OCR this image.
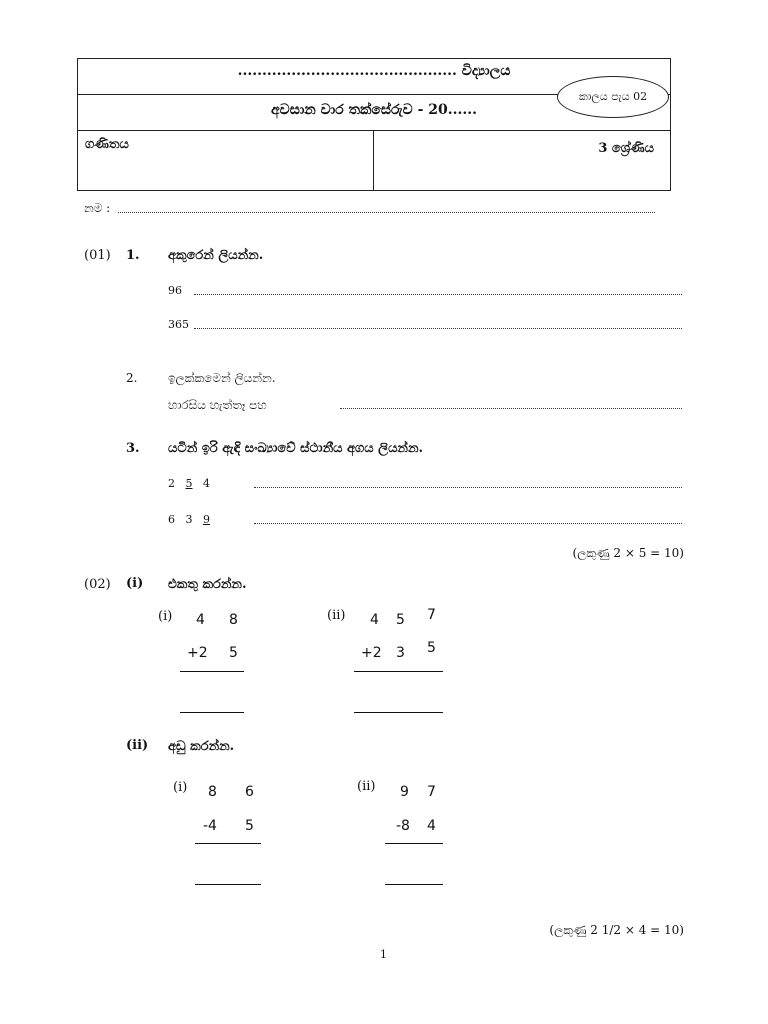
............................................. විද්‍යාලය
අවසාන වාර තක්සේරුව - 20......
ගණිතය	3 ශ්‍රේණිය
කාලය පැය 02
නම :
(01) 1. අකුරෙන් ලියන්න.
96
365
2.	ඉලක්කමෙන් ලියන්න.
හාරසිය හැත්තෑ පහ
3. යටින් ඉරි ඇඳි සංඛ්‍යාවේ ස්ථානීය අගය ලියන්න.
2 5 4
6 3 9
(ලකුණු 2 × 5 = 10)
(02) (i) එකතු කරන්න.
(i) 4 8
+2 5
(ii) 4 5 7
+2 3 5
(ii) අඩු කරන්න.
(i) 8 6
-4 5
(ii) 9 7
-8 4
(ලකුණු 2 1/2 × 4 = 10)
1
